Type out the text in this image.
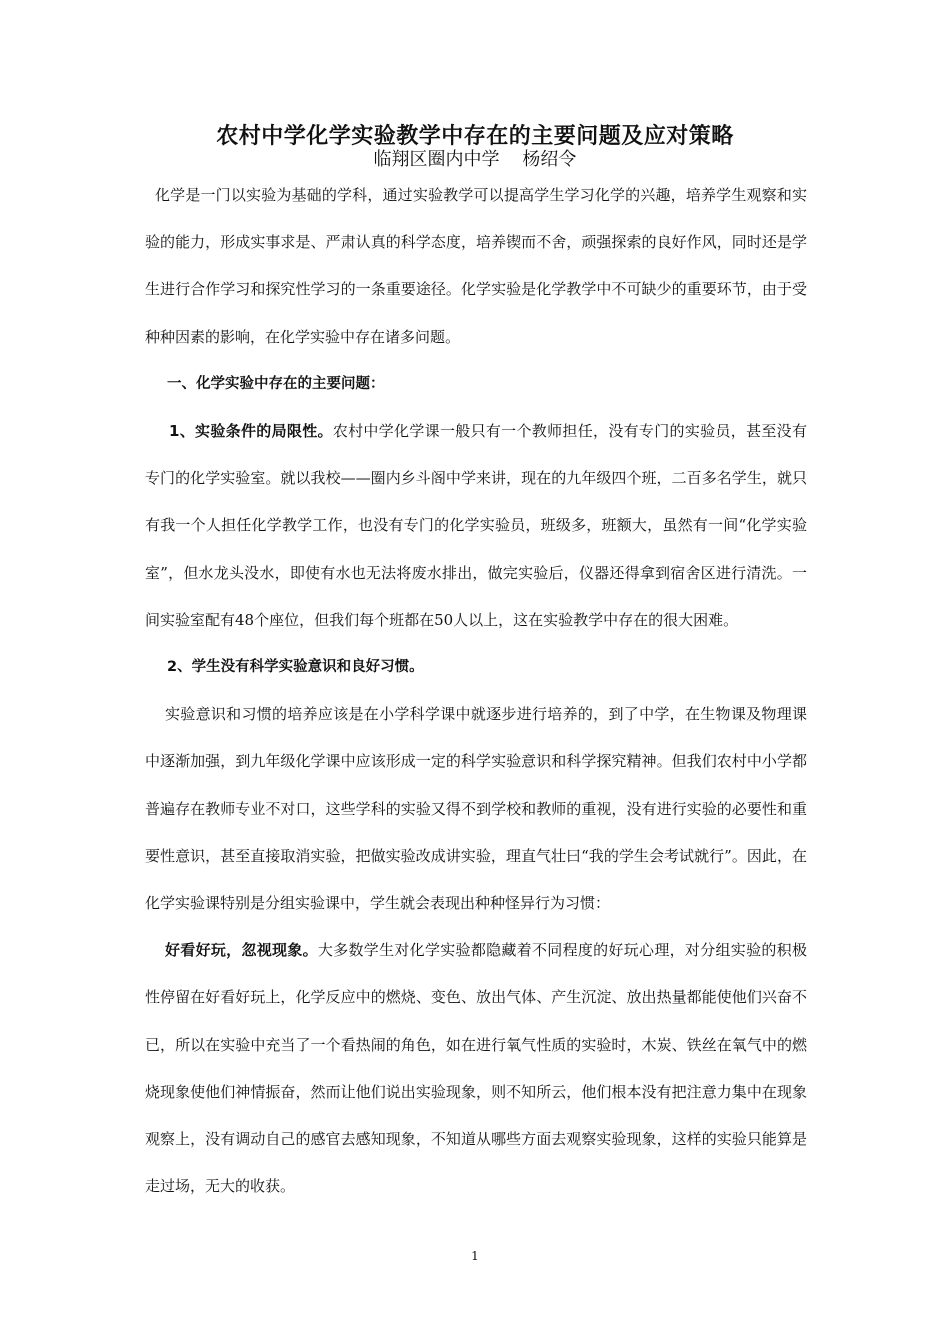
农村中学化学实验教学中存在的主要问题及应对策略
临翔区圈内中学    杨绍令

化学是一门以实验为基础的学科，通过实验教学可以提高学生学习化学的兴趣，培养学生观察和实验的能力，形成实事求是、严肃认真的科学态度，培养锲而不舍，顽强探索的良好作风，同时还是学生进行合作学习和探究性学习的一条重要途径。化学实验是化学教学中不可缺少的重要环节，由于受种种因素的影响，在化学实验中存在诸多问题。

一、化学实验中存在的主要问题：

1、实验条件的局限性。农村中学化学课一般只有一个教师担任，没有专门的实验员，甚至没有专门的化学实验室。就以我校——圈内乡斗阁中学来讲，现在的九年级四个班，二百多名学生，就只有我一个人担任化学教学工作，也没有专门的化学实验员，班级多，班额大，虽然有一间“化学实验室”，但水龙头没水，即使有水也无法将废水排出，做完实验后，仪器还得拿到宿舍区进行清洗。一间实验室配有48个座位，但我们每个班都在50人以上，这在实验教学中存在的很大困难。

2、学生没有科学实验意识和良好习惯。

实验意识和习惯的培养应该是在小学科学课中就逐步进行培养的，到了中学，在生物课及物理课中逐渐加强，到九年级化学课中应该形成一定的科学实验意识和科学探究精神。但我们农村中小学都普遍存在教师专业不对口，这些学科的实验又得不到学校和教师的重视，没有进行实验的必要性和重要性意识，甚至直接取消实验，把做实验改成讲实验，理直气壮曰“我的学生会考试就行”。因此，在化学实验课特别是分组实验课中，学生就会表现出种种怪异行为习惯：

好看好玩，忽视现象。大多数学生对化学实验都隐藏着不同程度的好玩心理，对分组实验的积极性停留在好看好玩上，化学反应中的燃烧、变色、放出气体、产生沉淀、放出热量都能使他们兴奋不已，所以在实验中充当了一个看热闹的角色，如在进行氧气性质的实验时，木炭、铁丝在氧气中的燃烧现象使他们神情振奋，然而让他们说出实验现象，则不知所云，他们根本没有把注意力集中在现象观察上，没有调动自己的感官去感知现象，不知道从哪些方面去观察实验现象，这样的实验只能算是走过场，无大的收获。

1
